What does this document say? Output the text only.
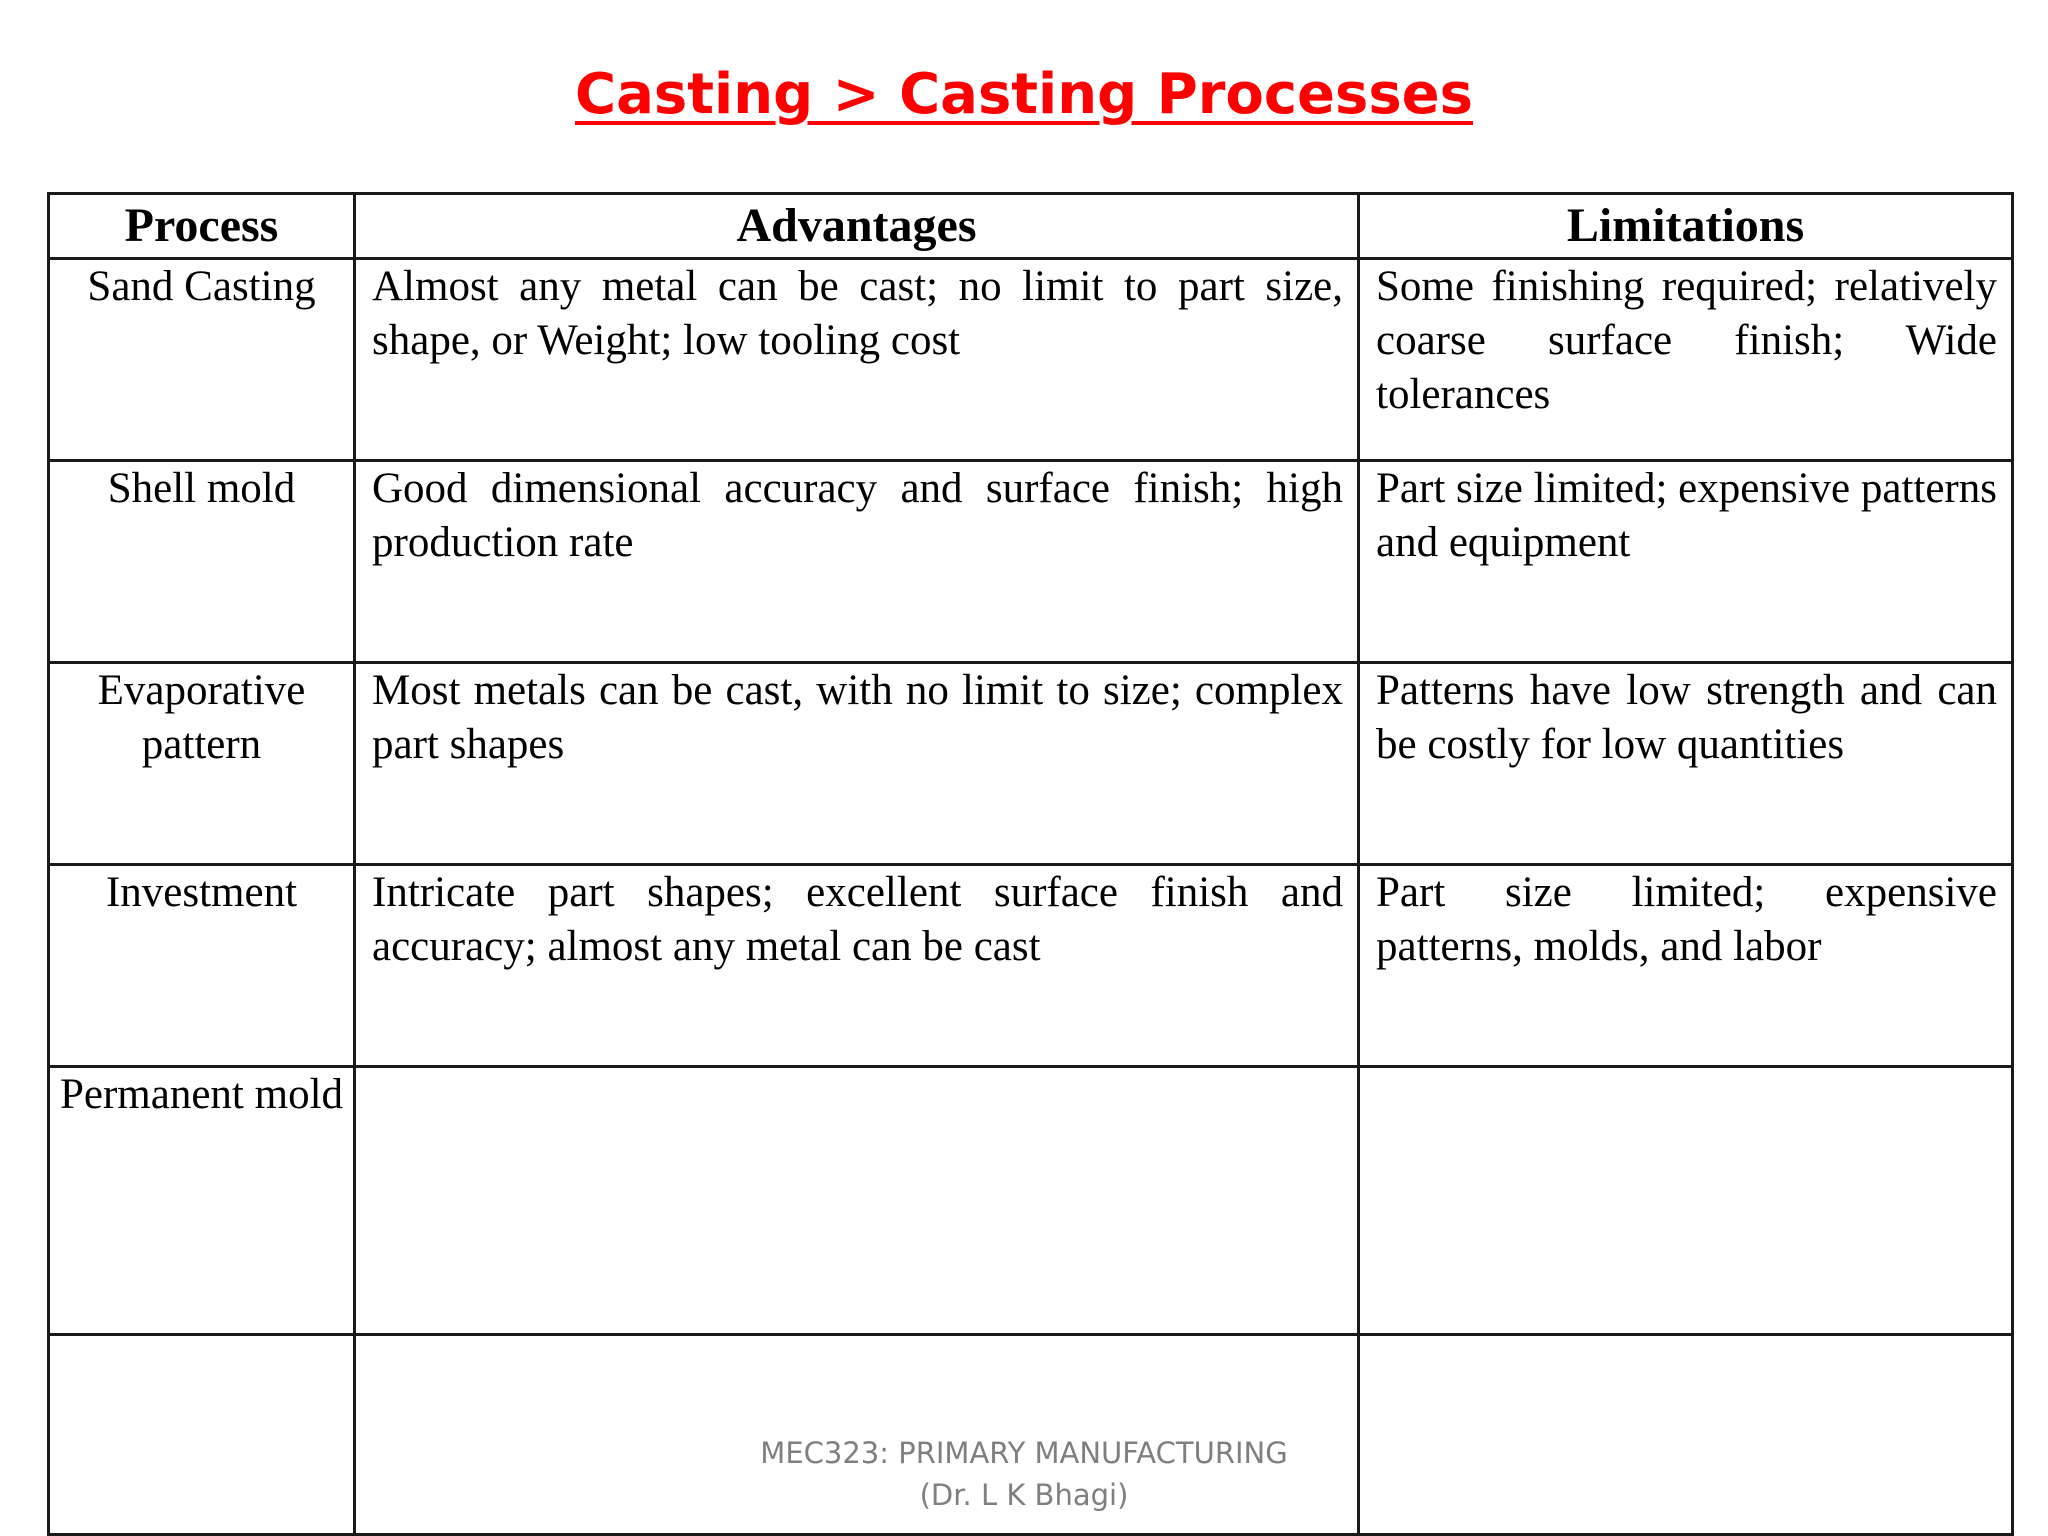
Casting > Casting Processes
Process	Advantages	Limitations
Sand Casting	Almost any metal can be cast; no limit to part size, shape, or Weight; low tooling cost	Some finishing required; relatively coarse surface finish; Wide tolerances
Shell mold	Good dimensional accuracy and surface finish; high production rate	Part size limited; expensive patterns and equipment
Evaporative pattern	Most metals can be cast, with no limit to size; complex part shapes	Patterns have low strength and can be costly for low quantities
Investment	Intricate part shapes; excellent surface finish and accuracy; almost any metal can be cast	Part size limited; expensive patterns, molds, and labor
Permanent mold		

MEC323: PRIMARY MANUFACTURING
(Dr. L K Bhagi)
